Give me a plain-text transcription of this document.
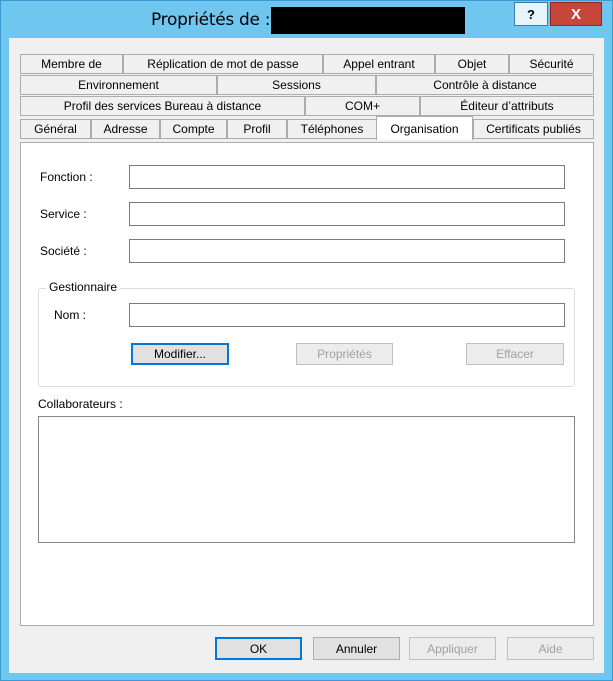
Propriétés de :	? X
Membre de	Réplication de mot de passe	Appel entrant	Objet	Sécurité
Environnement	Sessions	Contrôle à distance
Profil des services Bureau à distance	COM+	Éditeur d’attributs
Général	Adresse	Compte	Profil	Téléphones	Organisation	Certificats publiés
Fonction :
Service :
Société :
Gestionnaire
Nom :
Modifier...	Propriétés	Effacer
Collaborateurs :
OK	Annuler	Appliquer	Aide
